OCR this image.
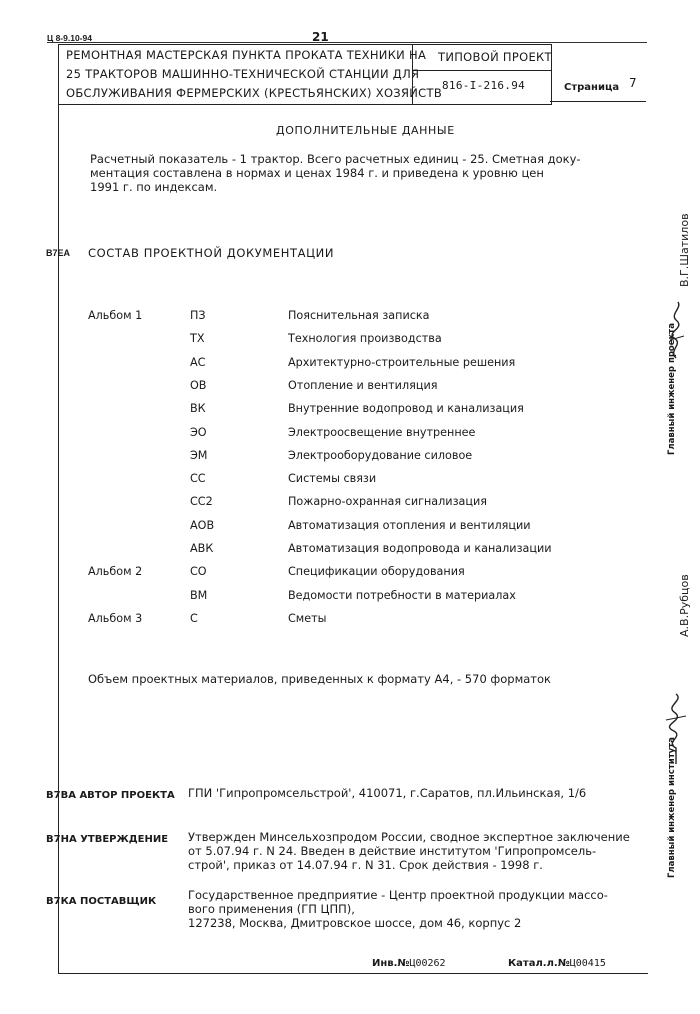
Ц 8-9.10-94	21
РЕМОНТНАЯ МАСТЕРСКАЯ ПУНКТА ПРОКАТА ТЕХНИКИ НА
25 ТРАКТОРОВ МАШИННО-ТЕХНИЧЕСКОЙ СТАНЦИИ ДЛЯ
ОБСЛУЖИВАНИЯ ФЕРМЕРСКИХ (КРЕСТЬЯНСКИХ) ХОЗЯЙСТВ
ТИПОВОЙ ПРОЕКТ
816-I-216.94	Страница 7
ДОПОЛНИТЕЛЬНЫЕ ДАННЫЕ
Расчетный показатель - 1 трактор. Всего расчетных единиц - 25. Сметная доку-
ментация составлена в нормах и ценах 1984 г. и приведена к уровню цен
1991 г. по индексам.
В7ЕА СОСТАВ ПРОЕКТНОЙ ДОКУМЕНТАЦИИ
Альбом 1	ПЗ	Пояснительная записка
ТХ	Технология производства
АС	Архитектурно-строительные решения
ОВ	Отопление и вентиляция
ВК	Внутренние водопровод и канализация
ЭО	Электроосвещение внутреннее
ЭМ	Электрооборудование силовое
СС	Системы связи
СС2	Пожарно-охранная сигнализация
АОВ	Автоматизация отопления и вентиляции
АВК	Автоматизация водопровода и канализации
Альбом 2	СО	Спецификации оборудования
ВМ	Ведомости потребности в материалах
Альбом 3	С	Сметы
Объем проектных материалов, приведенных к формату А4, - 570 форматок
В7ВА АВТОР ПРОЕКТА ГПИ 'Гипропромсельстрой', 410071, г.Саратов, пл.Ильинская, 1/6
В7НА УТВЕРЖДЕНИЕ Утвержден Минсельхозпродом России, сводное экспертное заключение
от 5.07.94 г. N 24. Введен в действие институтом 'Гипропромсель-
строй', приказ от 14.07.94 г. N 31. Срок действия - 1998 г.
В7КА ПОСТАВЩИК	Государственное предприятие - Центр проектной продукции массо-
вого применения (ГП ЦПП),
127238, Москва, Дмитровское шоссе, дом 46, корпус 2
Инв.№Ц00262	Катал.л.№Ц00415
Главный инженер проекта
В.Г.Шатилов
Главный инженер института
А.В.Рубцов
